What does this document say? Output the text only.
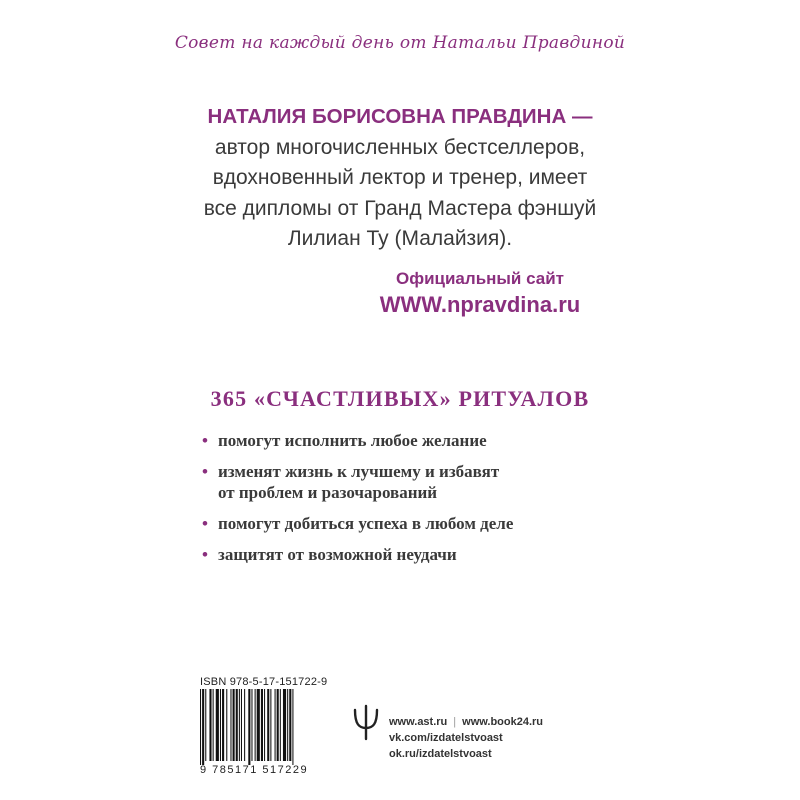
Совет на каждый день от Натальи Правдиной
НАТАЛИЯ БОРИСОВНА ПРАВДИНА —
автор многочисленных бестселлеров,
вдохновенный лектор и тренер, имеет
все дипломы от Гранд Мастера фэншуй
Лилиан Ту (Малайзия).
Официальный сайт
WWW.npravdina.ru
365 «СЧАСТЛИВЫХ» РИТУАЛОВ
• помогут исполнить любое желание
• изменят жизнь к лучшему и избавят
от проблем и разочарований
• помогут добиться успеха в любом деле
• защитят от возможной неудачи
ISBN 978-5-17-151722-9
9 785171 517229
www.ast.ru | www.book24.ru
vk.com/izdatelstvoast
ok.ru/izdatelstvoast
